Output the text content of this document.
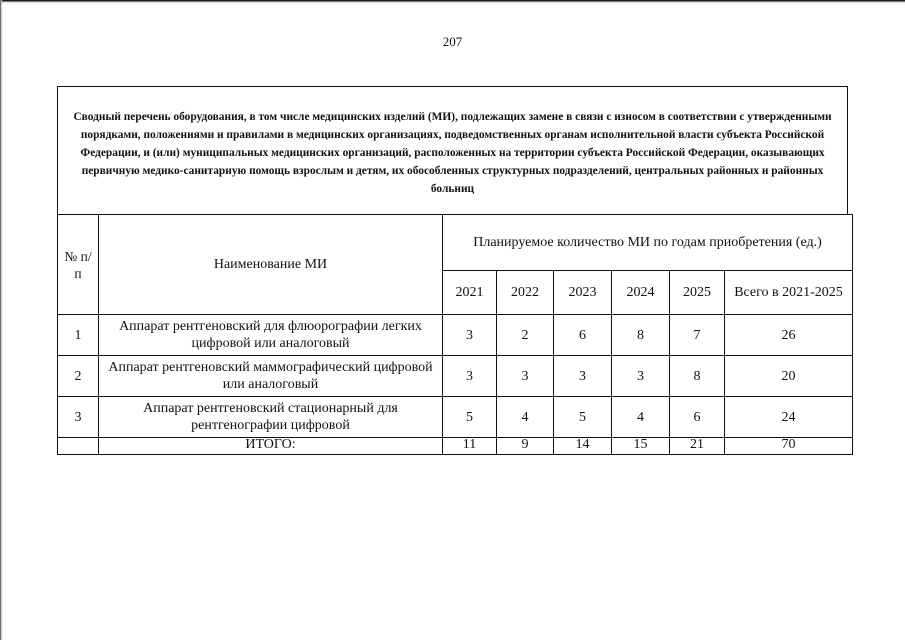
207
Сводный перечень оборудования, в том числе медицинских изделий (МИ), подлежащих замене в связи с износом в соответствии с утвержденными порядками, положениями и правилами в медицинских организациях, подведомственных органам исполнительной власти субъекта Российской Федерации, и (или) муниципальных медицинских организаций, расположенных на территории субъекта Российской Федерации, оказывающих первичную медико-санитарную помощь взрослым и детям, их обособленных структурных подразделений, центральных районных и районных больниц
№ п/п	Наименование МИ	Планируемое количество МИ по годам приобретения (ед.)					
		2021	2022	2023	2024	2025	Всего в 2021-2025
1	Аппарат рентгеновский для флюорографии легких цифровой или аналоговый	3	2	6	8	7	26
2	Аппарат рентгеновский маммографический цифровой или аналоговый	3	3	3	3	8	20
3	Аппарат рентгеновский стационарный для рентгенографии цифровой	5	4	5	4	6	24
	ИТОГО:	11	9	14	15	21	70
